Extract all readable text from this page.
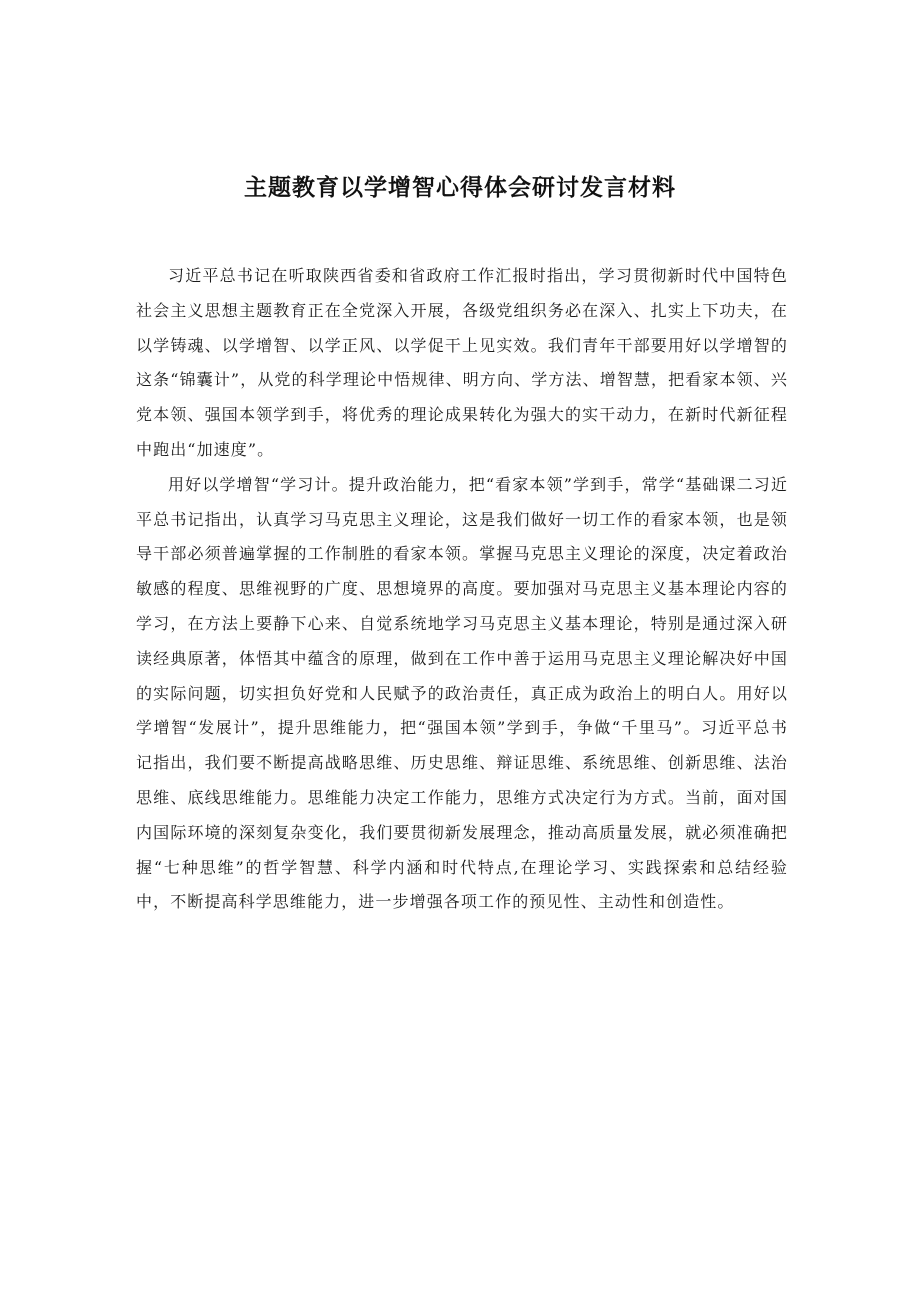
主题教育以学增智心得体会研讨发言材料

习近平总书记在听取陕西省委和省政府工作汇报时指出，学习贯彻新时代中国特色社会主义思想主题教育正在全党深入开展，各级党组织务必在深入、扎实上下功夫，在以学铸魂、以学增智、以学正风、以学促干上见实效。我们青年干部要用好以学增智的这条“锦囊计”，从党的科学理论中悟规律、明方向、学方法、增智慧，把看家本领、兴党本领、强国本领学到手，将优秀的理论成果转化为强大的实干动力，在新时代新征程中跑出“加速度”。

用好以学增智“学习计。提升政治能力，把“看家本领”学到手，常学“基础课二习近平总书记指出，认真学习马克思主义理论，这是我们做好一切工作的看家本领，也是领导干部必须普遍掌握的工作制胜的看家本领。掌握马克思主义理论的深度，决定着政治敏感的程度、思维视野的广度、思想境界的高度。要加强对马克思主义基本理论内容的学习，在方法上要静下心来、自觉系统地学习马克思主义基本理论，特别是通过深入研读经典原著，体悟其中蕴含的原理，做到在工作中善于运用马克思主义理论解决好中国的实际问题，切实担负好党和人民赋予的政治责任，真正成为政治上的明白人。用好以学增智“发展计”，提升思维能力，把“强国本领”学到手，争做“千里马”。习近平总书记指出，我们要不断提高战略思维、历史思维、辩证思维、系统思维、创新思维、法治思维、底线思维能力。思维能力决定工作能力，思维方式决定行为方式。当前，面对国内国际环境的深刻复杂变化，我们要贯彻新发展理念，推动高质量发展，就必须准确把握“七种思维”的哲学智慧、科学内涵和时代特点,在理论学习、实践探索和总结经验中，不断提高科学思维能力，进一步增强各项工作的预见性、主动性和创造性。
